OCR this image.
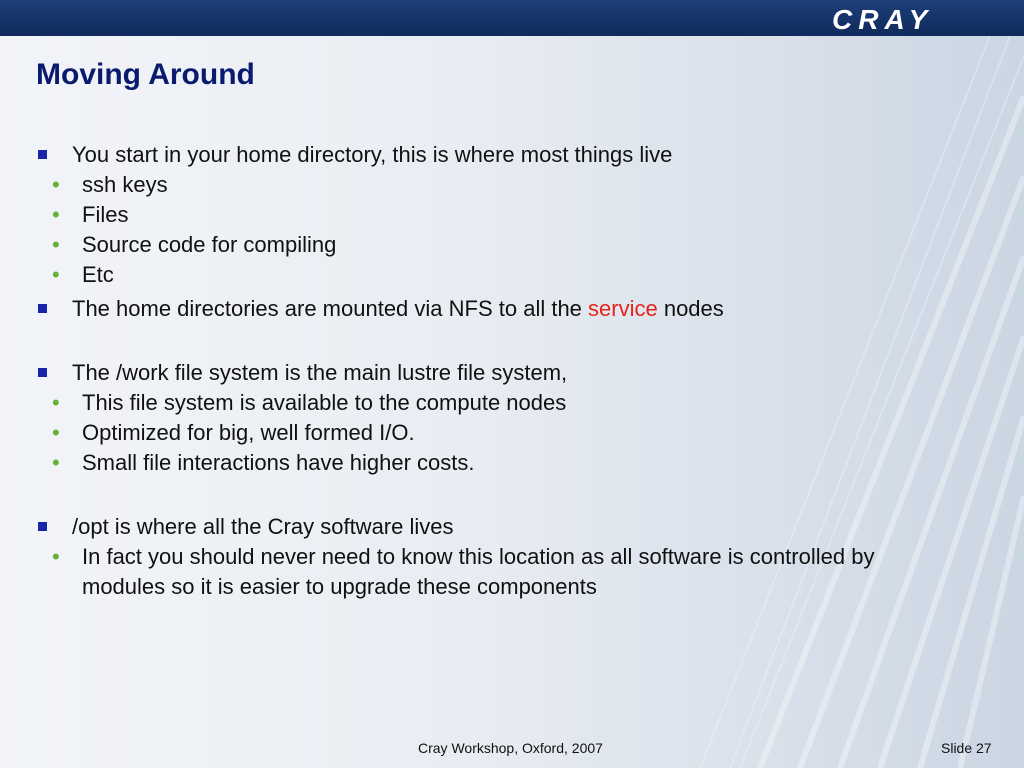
CRAY
Moving Around
You start in your home directory, this is where most things live
• ssh keys
• Files
• Source code for compiling
• Etc
The home directories are mounted via NFS to all the service nodes
The /work file system is the main lustre file system,
• This file system is available to the compute nodes
• Optimized for big, well formed I/O.
• Small file interactions have higher costs.
/opt is where all the Cray software lives
• In fact you should never need to know this location as all software is controlled by modules so it is easier to upgrade these components
Cray Workshop, Oxford, 2007	Slide 27
